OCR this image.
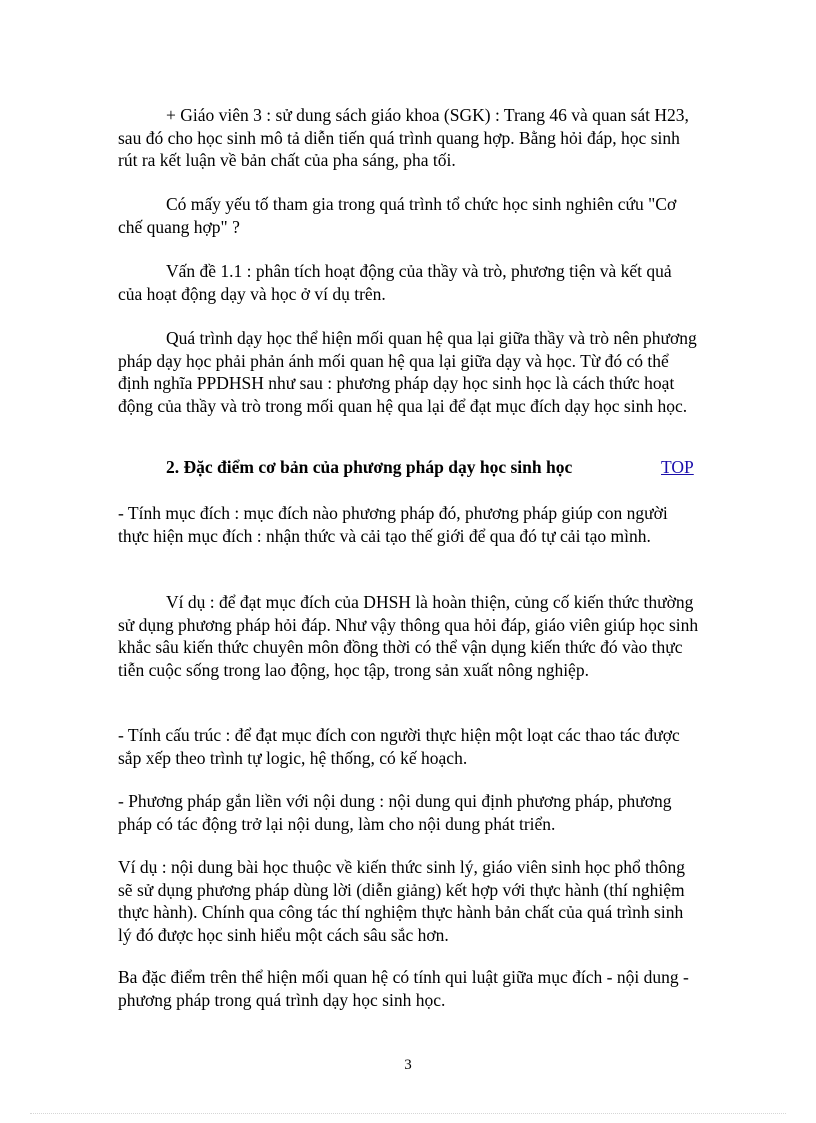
+ Giáo viên 3 : sử dung sách giáo khoa (SGK) : Trang 46 và quan sát H23, sau đó cho học sinh mô tả diễn tiến quá trình quang hợp. Bằng hỏi đáp, học sinh rút ra kết luận về bản chất của pha sáng, pha tối.

Có mấy yếu tố tham gia trong quá trình tổ chức học sinh nghiên cứu "Cơ chế quang hợp" ?

Vấn đề 1.1 : phân tích hoạt động của thầy và trò, phương tiện và kết quả của hoạt động dạy và học ở ví dụ trên.

Quá trình dạy học thể hiện mối quan hệ qua lại giữa thầy và trò nên phương pháp dạy học phải phản ánh mối quan hệ qua lại giữa dạy và học. Từ đó có thể định nghĩa PPDHSH như sau : phương pháp dạy học sinh học là cách thức hoạt động của thầy và trò trong mối quan hệ qua lại để đạt mục đích dạy học sinh học.

2. Đặc điểm cơ bản của phương pháp dạy học sinh học	TOP

- Tính mục đích : mục đích nào phương pháp đó, phương pháp giúp con người thực hiện mục đích : nhận thức và cải tạo thế giới để qua đó tự cải tạo mình.

Ví dụ : để đạt mục đích của DHSH là hoàn thiện, củng cố kiến thức thường sử dụng phương pháp hỏi đáp. Như vậy thông qua hỏi đáp, giáo viên giúp học sinh khắc sâu kiến thức chuyên môn đồng thời có thể vận dụng kiến thức đó vào thực tiễn cuộc sống trong lao động, học tập, trong sản xuất nông nghiệp.

- Tính cấu trúc : để đạt mục đích con người thực hiện một loạt các thao tác được sắp xếp theo trình tự logic, hệ thống, có kế hoạch.

- Phương pháp gắn liền với nội dung : nội dung qui định phương pháp, phương pháp có tác động trở lại nội dung, làm cho nội dung phát triển.

Ví dụ : nội dung bài học thuộc về kiến thức sinh lý, giáo viên sinh học phổ thông sẽ sử dụng phương pháp dùng lời (diễn giảng) kết hợp với thực hành (thí nghiệm thực hành). Chính qua công tác thí nghiệm thực hành bản chất của quá trình sinh lý đó được học sinh hiểu một cách sâu sắc hơn.

Ba đặc điểm trên thể hiện mối quan hệ có tính qui luật giữa mục đích - nội dung - phương pháp trong quá trình dạy học sinh học.

3
